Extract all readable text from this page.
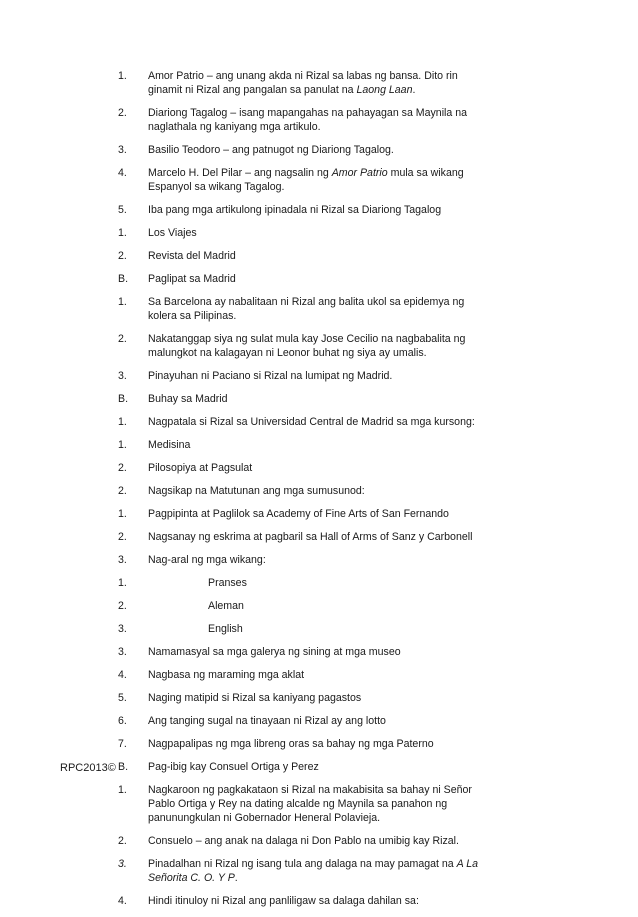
1.	Amor Patrio – ang unang akda ni Rizal sa labas ng bansa. Dito rin ginamit ni Rizal ang pangalan sa panulat na Laong Laan.
2.	Diariong Tagalog – isang mapangahas na pahayagan sa Maynila na naglathala ng kaniyang mga artikulo.
3.	Basilio Teodoro – ang patnugot ng Diariong Tagalog.
4.	Marcelo H. Del Pilar – ang nagsalin ng Amor Patrio mula sa wikang Espanyol sa wikang Tagalog.
5.	Iba pang mga artikulong ipinadala ni Rizal sa Diariong Tagalog
1.	Los Viajes
2.	Revista del Madrid
B.	Paglipat sa Madrid
1.	Sa Barcelona ay nabalitaan ni Rizal ang balita ukol sa epidemya ng kolera sa Pilipinas.
2.	Nakatanggap siya ng sulat mula kay Jose Cecilio na nagbabalita ng malungkot na kalagayan ni Leonor buhat ng siya ay umalis.
3.	Pinayuhan ni Paciano si Rizal na lumipat ng Madrid.
B.	Buhay sa Madrid
1.	Nagpatala si Rizal sa Universidad Central de Madrid sa mga kursong:
1.	Medisina
2.	Pilosopiya at Pagsulat
2.	Nagsikap na Matutunan ang mga sumusunod:
1.	Pagpipinta at Paglilok sa Academy of Fine Arts of San Fernando
2.	Nagsanay ng eskrima at pagbaril sa Hall of Arms of Sanz y Carbonell
3.	Nag-aral ng mga wikang:
1.	Pranses
2.	Aleman
3.	English
3.	Namamasyal sa mga galerya ng sining at mga museo
4.	Nagbasa ng maraming mga aklat
5.	Naging matipid si Rizal sa kaniyang pagastos
6.	Ang tanging sugal na tinayaan ni Rizal ay ang lotto
7.	Nagpapalipas ng mga libreng oras sa bahay ng mga Paterno
B.	Pag-ibig kay Consuel Ortiga y Perez
1.	Nagkaroon ng pagkakataon si Rizal na makabisita sa bahay ni Señor Pablo Ortiga y Rey na dating alcalde ng Maynila sa panahon ng panunungkulan ni Gobernador Heneral Polavieja.
2.	Consuelo – ang anak na dalaga ni Don Pablo na umibig kay Rizal.
3.	Pinadalhan ni Rizal ng isang tula ang dalaga na may pamagat na A La Señorita C. O. Y P.
4.	Hindi itinuloy ni Rizal ang panliligaw sa dalaga dahilan sa:
RPC2013©
